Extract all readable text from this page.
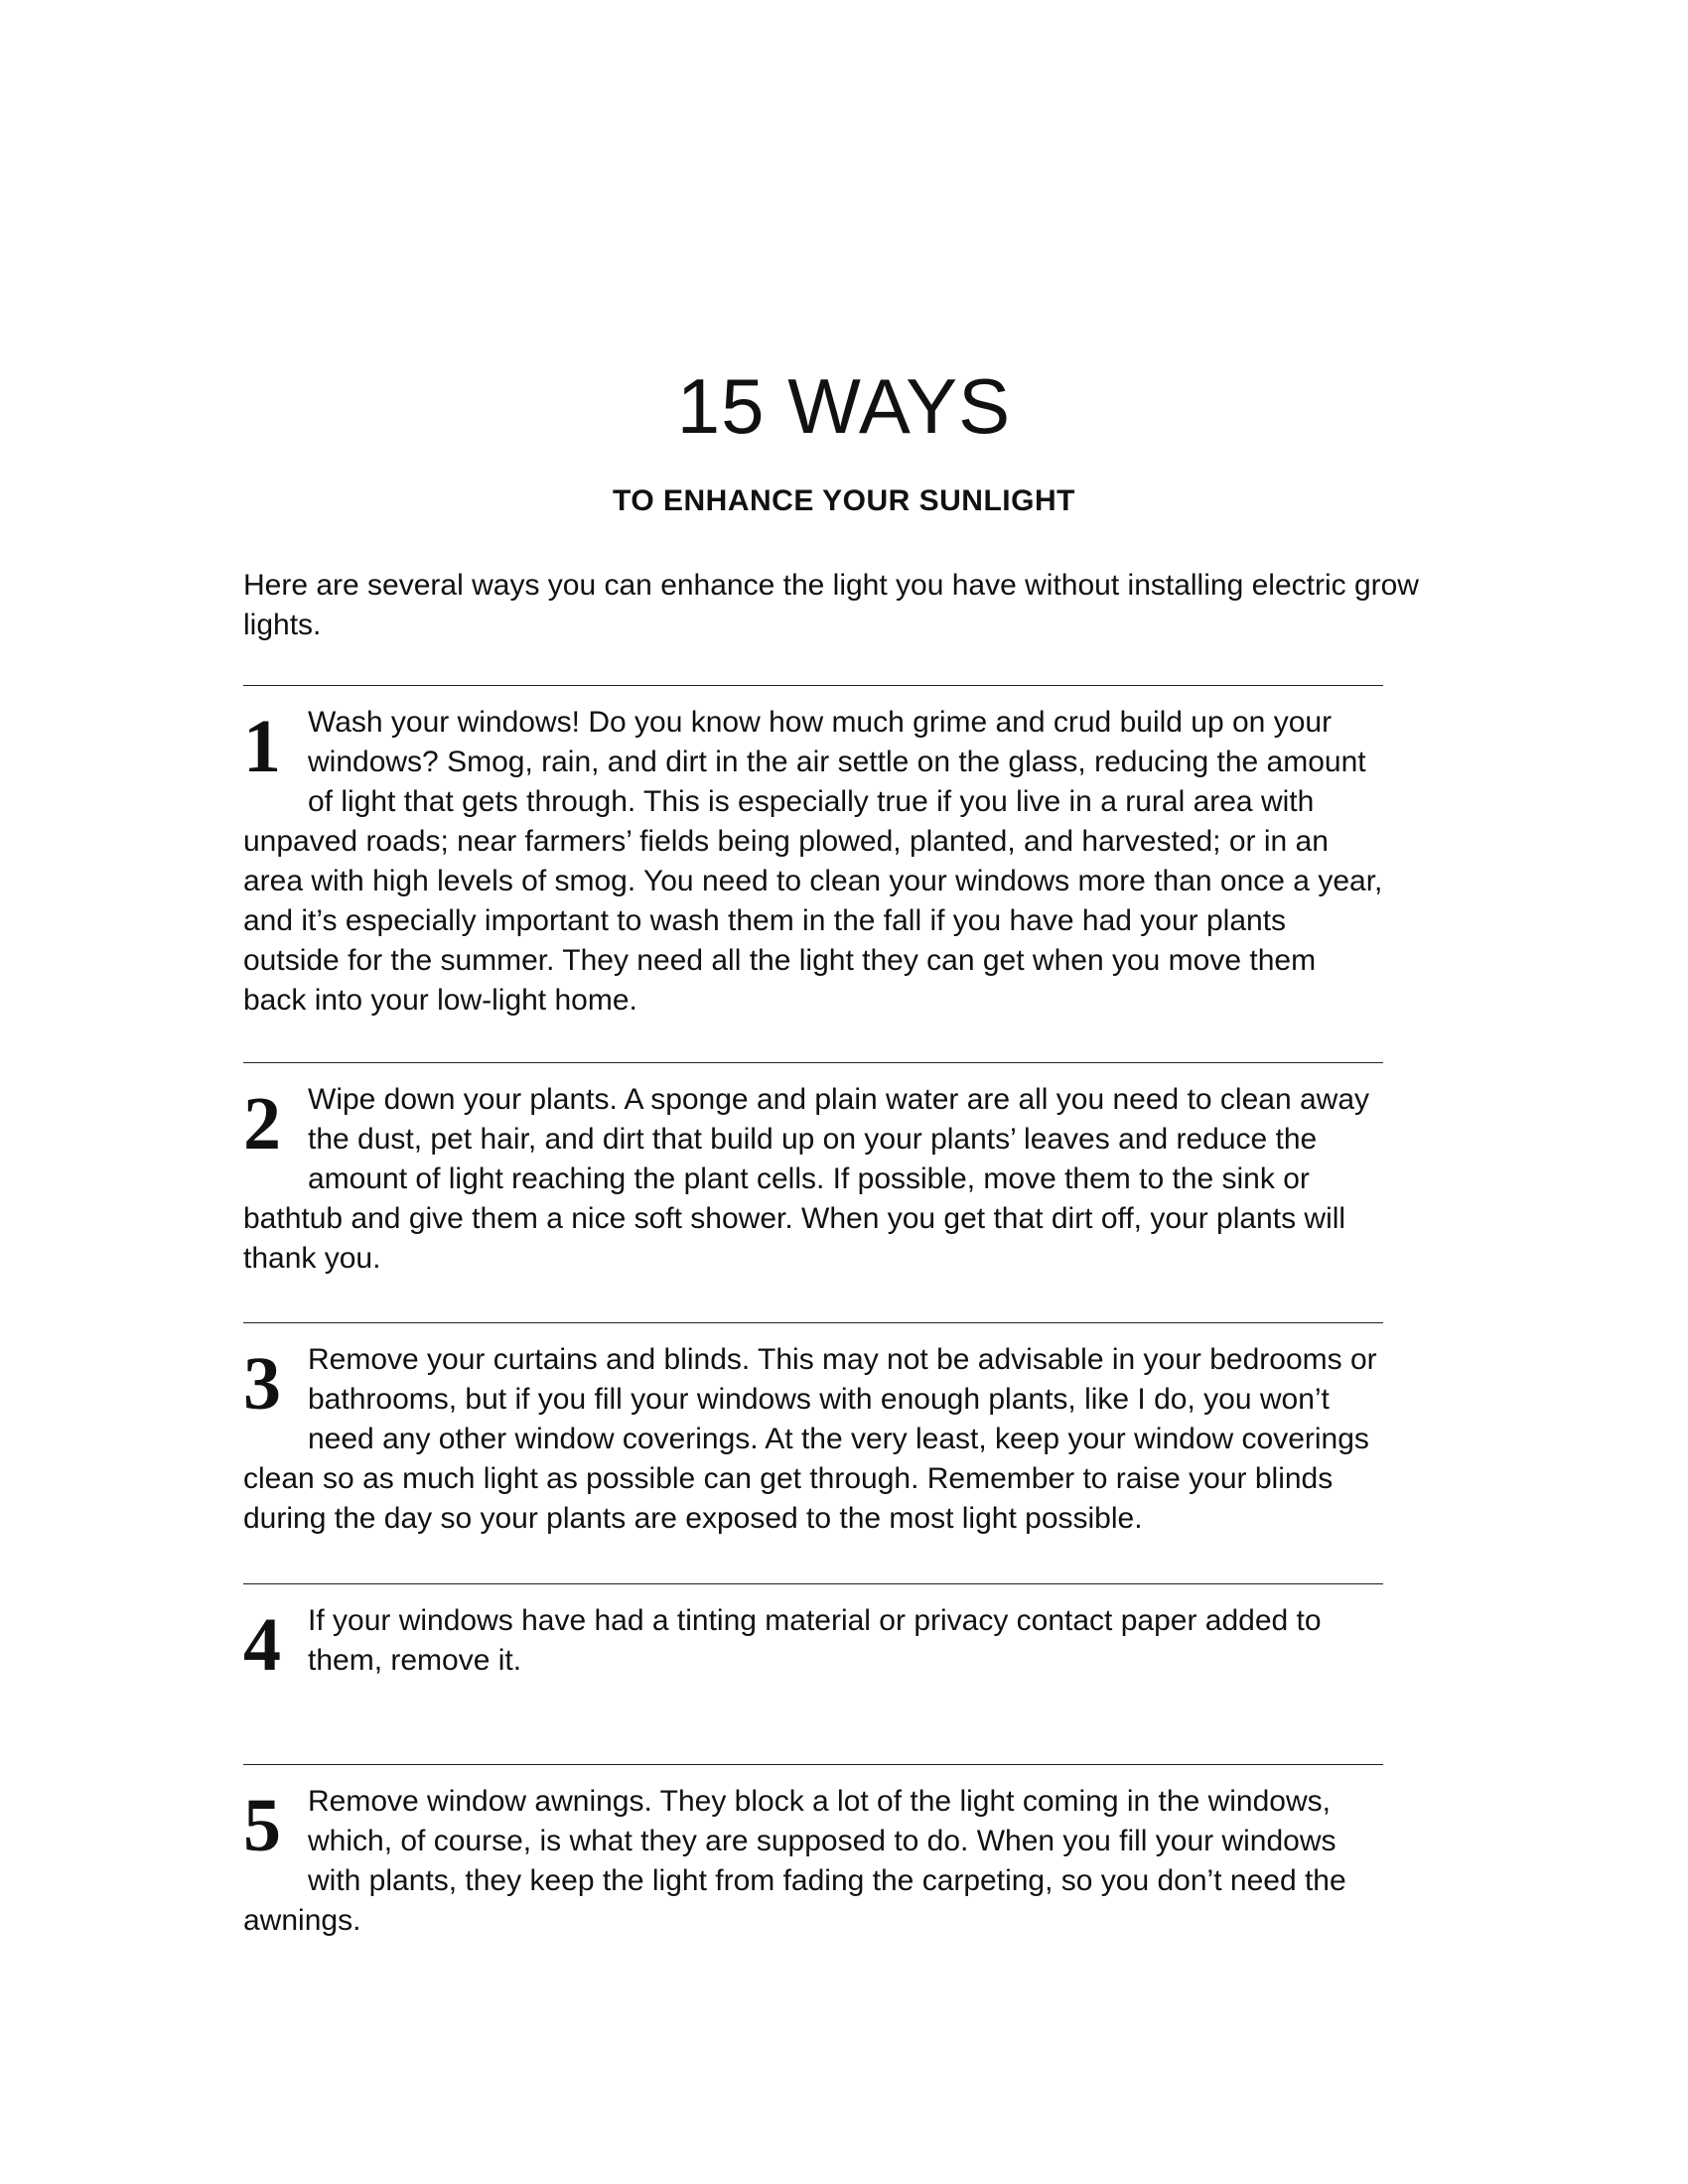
15 WAYS
TO ENHANCE YOUR SUNLIGHT
Here are several ways you can enhance the light you have without installing electric grow lights.
1 Wash your windows! Do you know how much grime and crud build up on your windows? Smog, rain, and dirt in the air settle on the glass, reducing the amount of light that gets through. This is especially true if you live in a rural area with unpaved roads; near farmers’ fields being plowed, planted, and harvested; or in an area with high levels of smog. You need to clean your windows more than once a year, and it’s especially important to wash them in the fall if you have had your plants outside for the summer. They need all the light they can get when you move them back into your low-light home.
2 Wipe down your plants. A sponge and plain water are all you need to clean away the dust, pet hair, and dirt that build up on your plants’ leaves and reduce the amount of light reaching the plant cells. If possible, move them to the sink or bathtub and give them a nice soft shower. When you get that dirt off, your plants will thank you.
3 Remove your curtains and blinds. This may not be advisable in your bedrooms or bathrooms, but if you fill your windows with enough plants, like I do, you won’t need any other window coverings. At the very least, keep your window coverings clean so as much light as possible can get through. Remember to raise your blinds during the day so your plants are exposed to the most light possible.
4 If your windows have had a tinting material or privacy contact paper added to them, remove it.
5 Remove window awnings. They block a lot of the light coming in the windows, which, of course, is what they are supposed to do. When you fill your windows with plants, they keep the light from fading the carpeting, so you don’t need the awnings.
